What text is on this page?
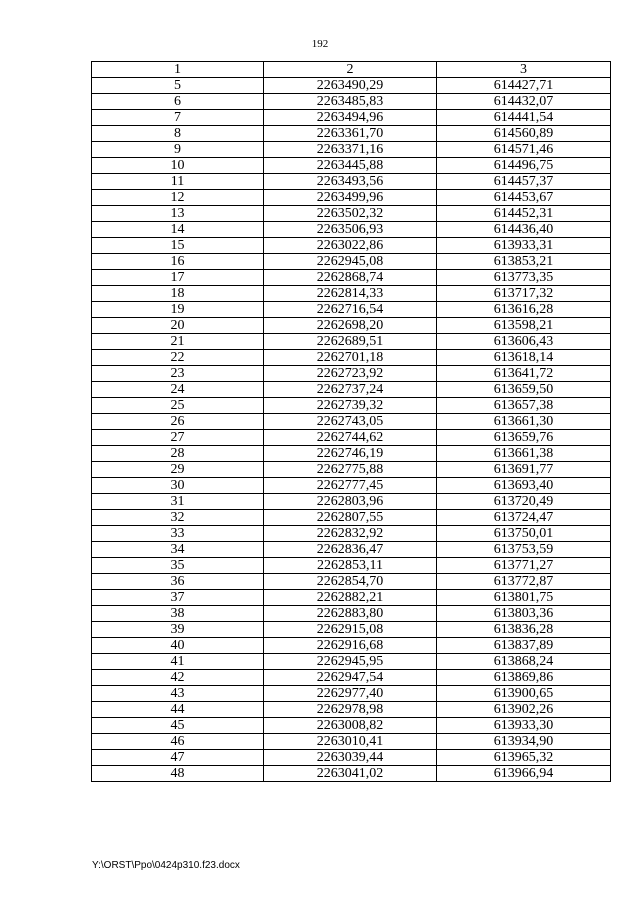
192
1	2	3
5	2263490,29	614427,71
6	2263485,83	614432,07
7	2263494,96	614441,54
8	2263361,70	614560,89
9	2263371,16	614571,46
10	2263445,88	614496,75
11	2263493,56	614457,37
12	2263499,96	614453,67
13	2263502,32	614452,31
14	2263506,93	614436,40
15	2263022,86	613933,31
16	2262945,08	613853,21
17	2262868,74	613773,35
18	2262814,33	613717,32
19	2262716,54	613616,28
20	2262698,20	613598,21
21	2262689,51	613606,43
22	2262701,18	613618,14
23	2262723,92	613641,72
24	2262737,24	613659,50
25	2262739,32	613657,38
26	2262743,05	613661,30
27	2262744,62	613659,76
28	2262746,19	613661,38
29	2262775,88	613691,77
30	2262777,45	613693,40
31	2262803,96	613720,49
32	2262807,55	613724,47
33	2262832,92	613750,01
34	2262836,47	613753,59
35	2262853,11	613771,27
36	2262854,70	613772,87
37	2262882,21	613801,75
38	2262883,80	613803,36
39	2262915,08	613836,28
40	2262916,68	613837,89
41	2262945,95	613868,24
42	2262947,54	613869,86
43	2262977,40	613900,65
44	2262978,98	613902,26
45	2263008,82	613933,30
46	2263010,41	613934,90
47	2263039,44	613965,32
48	2263041,02	613966,94
Y:\ORST\Ppo\0424p310.f23.docx
